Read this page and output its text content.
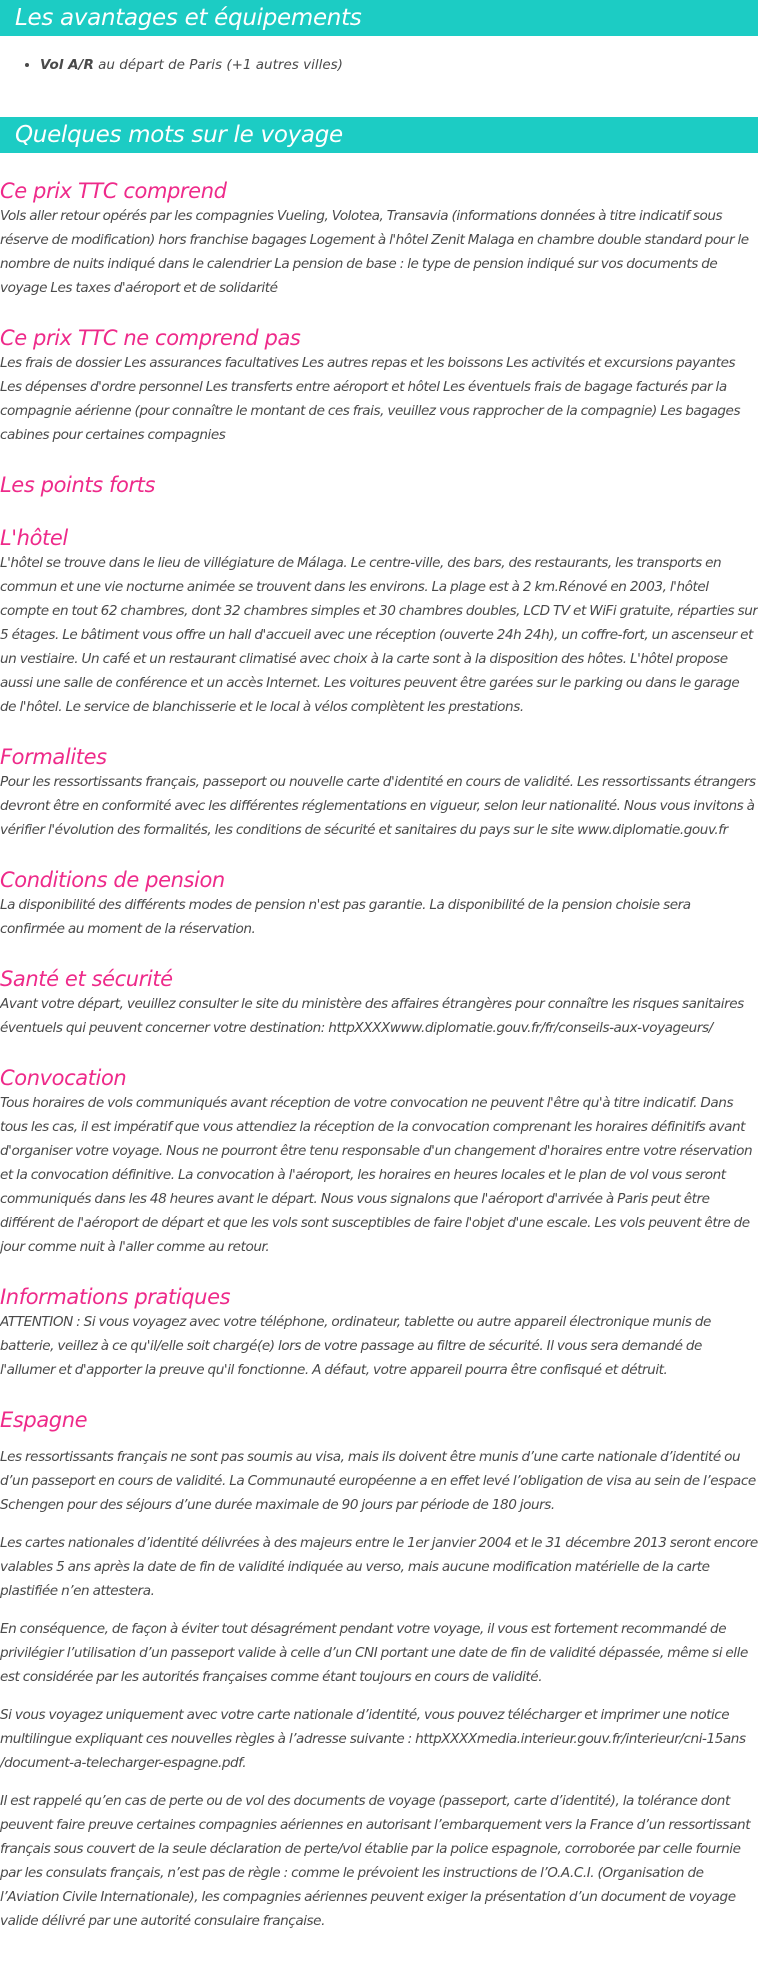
Les avantages et équipements
• Vol A/R au départ de Paris (+1 autres villes)
Quelques mots sur le voyage
Ce prix TTC comprend

Vols aller retour opérés par les compagnies Vueling, Volotea, Transavia (informations données à titre indicatif sous réserve de modification) hors franchise bagages Logement à l'hôtel Zenit Malaga en chambre double standard pour le nombre de nuits indiqué dans le calendrier La pension de base : le type de pension indiqué sur vos documents de voyage Les taxes d'aéroport et de solidarité

Ce prix TTC ne comprend pas

Les frais de dossier Les assurances facultatives Les autres repas et les boissons Les activités et excursions payantes Les dépenses d'ordre personnel Les transferts entre aéroport et hôtel Les éventuels frais de bagage facturés par la compagnie aérienne (pour connaître le montant de ces frais, veuillez vous rapprocher de la compagnie) Les bagages cabines pour certaines compagnies

Les points forts
L'hôtel

L'hôtel se trouve dans le lieu de villégiature de Málaga. Le centre-ville, des bars, des restaurants, les transports en commun et une vie nocturne animée se trouvent dans les environs. La plage est à 2 km.Rénové en 2003, l'hôtel compte en tout 62 chambres, dont 32 chambres simples et 30 chambres doubles, LCD TV et WiFi gratuite, réparties sur 5 étages. Le bâtiment vous offre un hall d'accueil avec une réception (ouverte 24h 24h), un coffre-fort, un ascenseur et un vestiaire. Un café et un restaurant climatisé avec choix à la carte sont à la disposition des hôtes. L'hôtel propose aussi une salle de conférence et un accès Internet. Les voitures peuvent être garées sur le parking ou dans le garage de l'hôtel. Le service de blanchisserie et le local à vélos complètent les prestations.

Formalites

Pour les ressortissants français, passeport ou nouvelle carte d'identité en cours de validité. Les ressortissants étrangers devront être en conformité avec les différentes réglementations en vigueur, selon leur nationalité. Nous vous invitons à vérifier l'évolution des formalités, les conditions de sécurité et sanitaires du pays sur le site www.diplomatie.gouv.fr

Conditions de pension

La disponibilité des différents modes de pension n'est pas garantie. La disponibilité de la pension choisie sera confirmée au moment de la réservation.

Santé et sécurité

Avant votre départ, veuillez consulter le site du ministère des affaires étrangères pour connaître les risques sanitaires éventuels qui peuvent concerner votre destination: httpXXXXwww.diplomatie.gouv.fr/fr/conseils-aux-voyageurs/

Convocation

Tous horaires de vols communiqués avant réception de votre convocation ne peuvent l'être qu'à titre indicatif. Dans tous les cas, il est impératif que vous attendiez la réception de la convocation comprenant les horaires définitifs avant d'organiser votre voyage. Nous ne pourront être tenu responsable d'un changement d'horaires entre votre réservation et la convocation définitive. La convocation à l'aéroport, les horaires en heures locales et le plan de vol vous seront communiqués dans les 48 heures avant le départ. Nous vous signalons que l'aéroport d'arrivée à Paris peut être différent de l'aéroport de départ et que les vols sont susceptibles de faire l'objet d'une escale. Les vols peuvent être de jour comme nuit à l'aller comme au retour.

Informations pratiques

ATTENTION : Si vous voyagez avec votre téléphone, ordinateur, tablette ou autre appareil électronique munis de batterie, veillez à ce qu'il/elle soit chargé(e) lors de votre passage au filtre de sécurité. Il vous sera demandé de l'allumer et d'apporter la preuve qu'il fonctionne. A défaut, votre appareil pourra être confisqué et détruit.

Espagne

Les ressortissants français ne sont pas soumis au visa, mais ils doivent être munis d’une carte nationale d’identité ou d’un passeport en cours de validité. La Communauté européenne a en effet levé l’obligation de visa au sein de l’espace Schengen pour des séjours d’une durée maximale de 90 jours par période de 180 jours.

Les cartes nationales d’identité délivrées à des majeurs entre le 1er janvier 2004 et le 31 décembre 2013 seront encore valables 5 ans après la date de fin de validité indiquée au verso, mais aucune modification matérielle de la carte plastifiée n’en attestera.

En conséquence, de façon à éviter tout désagrément pendant votre voyage, il vous est fortement recommandé de privilégier l’utilisation d’un passeport valide à celle d’un CNI portant une date de fin de validité dépassée, même si elle est considérée par les autorités françaises comme étant toujours en cours de validité.

Si vous voyagez uniquement avec votre carte nationale d’identité, vous pouvez télécharger et imprimer une notice multilingue expliquant ces nouvelles règles à l’adresse suivante : httpXXXXmedia.interieur.gouv.fr/interieur/cni-15ans /document-a-telecharger-espagne.pdf.

Il est rappelé qu’en cas de perte ou de vol des documents de voyage (passeport, carte d’identité), la tolérance dont peuvent faire preuve certaines compagnies aériennes en autorisant l’embarquement vers la France d’un ressortissant français sous couvert de la seule déclaration de perte/vol établie par la police espagnole, corroborée par celle fournie par les consulats français, n’est pas de règle : comme le prévoient les instructions de l’O.A.C.I. (Organisation de l’Aviation Civile Internationale), les compagnies aériennes peuvent exiger la présentation d’un document de voyage valide délivré par une autorité consulaire française.
